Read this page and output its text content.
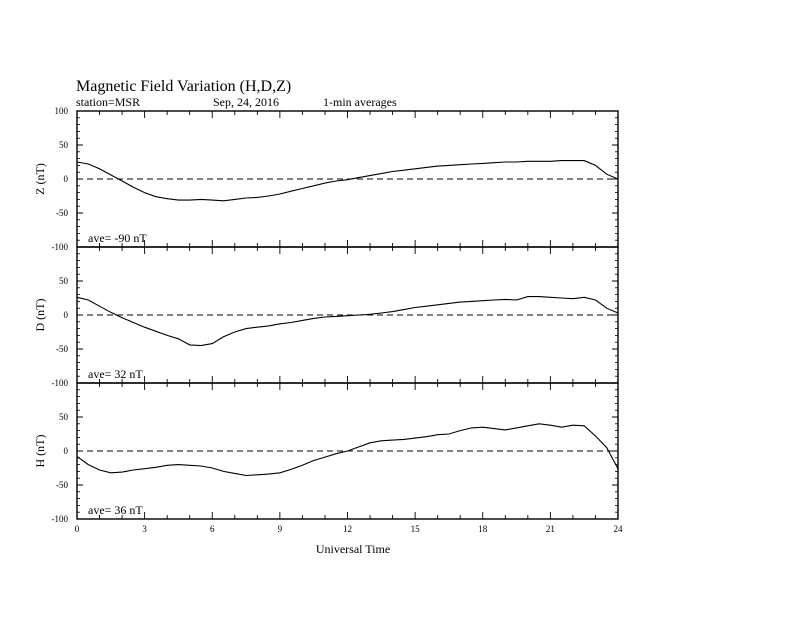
Magnetic Field Variation (H,D,Z)
station=MSR	Sep, 24, 2016	1-min averages
Universal Time
100
50
0
-50
-100
Z (nT)
ave= -90 nT
50
0
-50
-100
D (nT)
ave= 32 nT
50
0
-50
-100
H (nT)
ave= 36 nT
0	3	6	9	12	15	18	21	24
